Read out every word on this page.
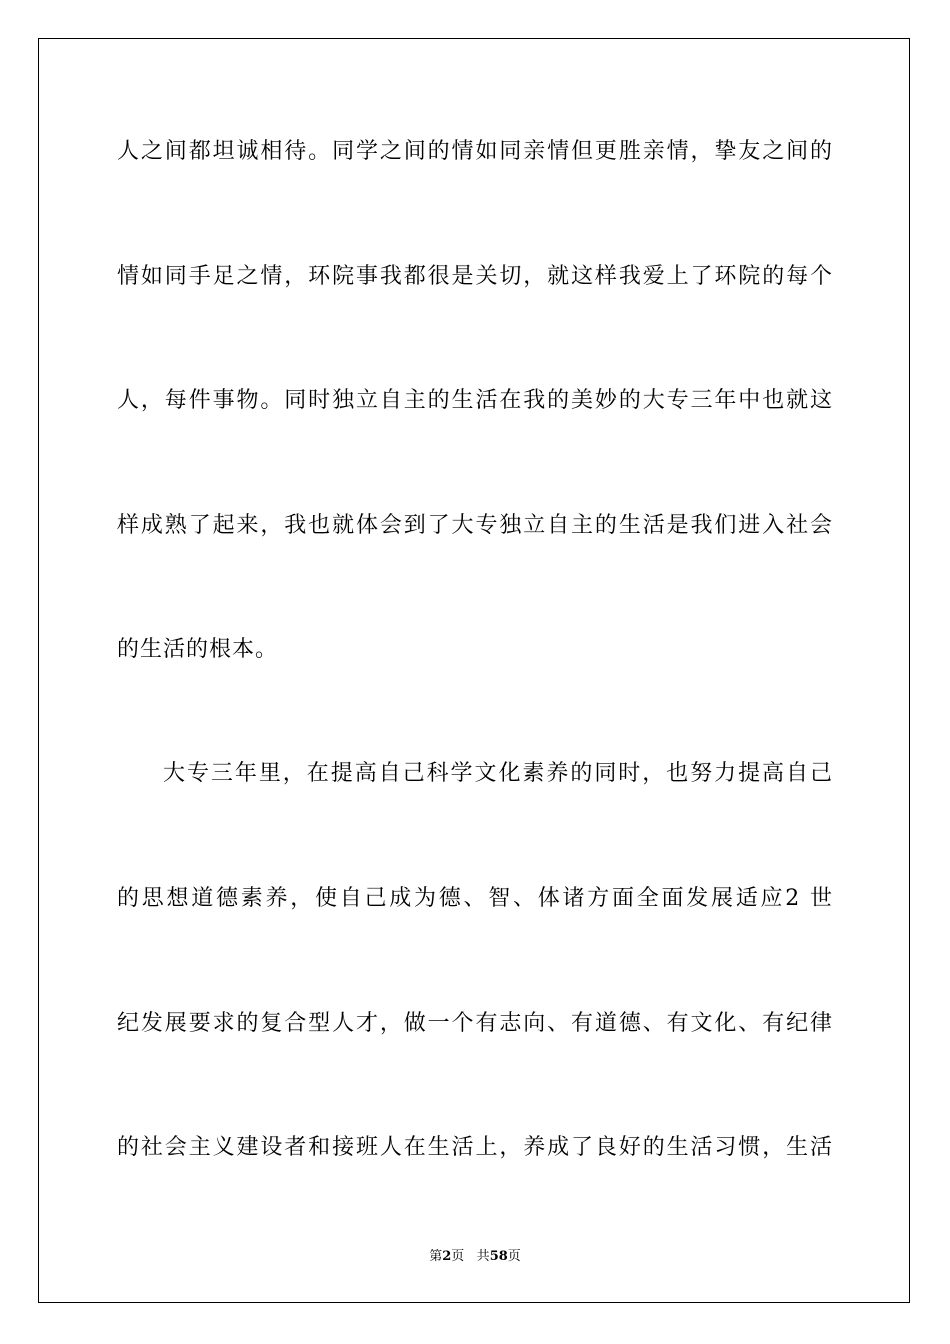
人之间都坦诚相待。同学之间的情如同亲情但更胜亲情，挚友之间的
情如同手足之情，环院事我都很是关切，就这样我爱上了环院的每个
人，每件事物。同时独立自主的生活在我的美妙的大专三年中也就这
样成熟了起来，我也就体会到了大专独立自主的生活是我们进入社会
的生活的根本。
大专三年里，在提高自己科学文化素养的同时，也努力提高自己
的思想道德素养，使自己成为德、智、体诸方面全面发展适应2 世
纪发展要求的复合型人才，做一个有志向、有道德、有文化、有纪律
的社会主义建设者和接班人在生活上，养成了良好的生活习惯，生活
第2页 共58页
